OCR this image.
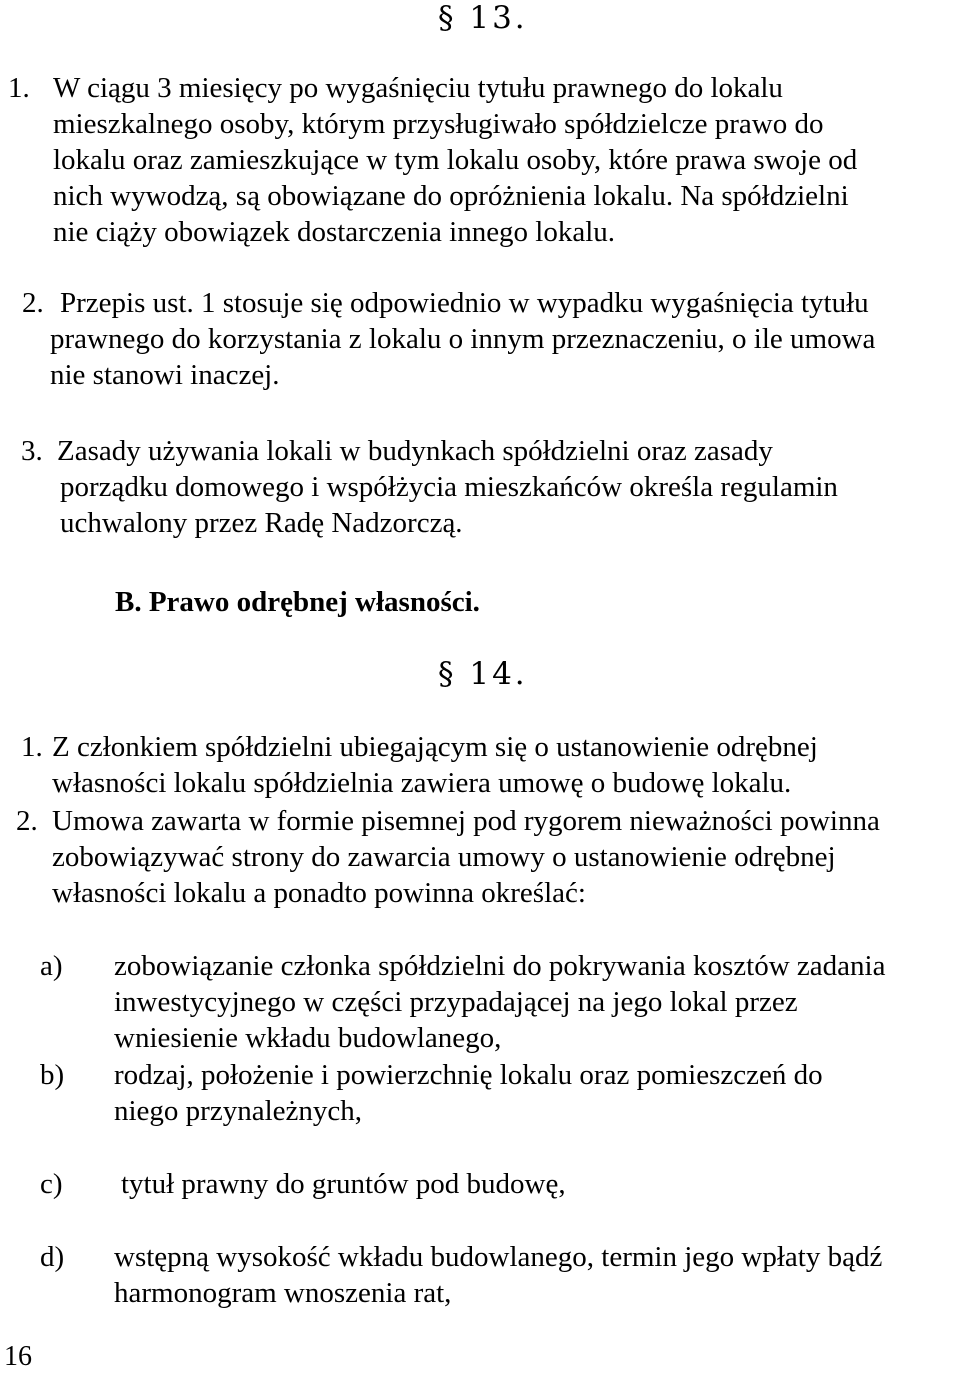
§ 13.
1. W ciągu 3 miesięcy po wygaśnięciu tytułu prawnego do lokalu
mieszkalnego osoby, którym przysługiwało spółdzielcze prawo do
lokalu oraz zamieszkujące w tym lokalu osoby, które prawa swoje od
nich wywodzą, są obowiązane do opróżnienia lokalu. Na spółdzielni
nie ciąży obowiązek dostarczenia innego lokalu.
2. Przepis ust. 1 stosuje się odpowiednio w wypadku wygaśnięcia tytułu
prawnego do korzystania z lokalu o innym przeznaczeniu, o ile umowa
nie stanowi inaczej.
3. Zasady używania lokali w budynkach spółdzielni oraz zasady
porządku domowego i współżycia mieszkańców określa regulamin
uchwalony przez Radę Nadzorczą.
B. Prawo odrębnej własności.
§ 14.
1. Z członkiem spółdzielni ubiegającym się o ustanowienie odrębnej
własności lokalu spółdzielnia zawiera umowę o budowę lokalu.
2. Umowa zawarta w formie pisemnej pod rygorem nieważności powinna
zobowiązywać strony do zawarcia umowy o ustanowienie odrębnej
własności lokalu a ponadto powinna określać:
a) zobowiązanie członka spółdzielni do pokrywania kosztów zadania
inwestycyjnego w części przypadającej na jego lokal przez
wniesienie wkładu budowlanego,
b) rodzaj, położenie i powierzchnię lokalu oraz pomieszczeń do
niego przynależnych,
c) tytuł prawny do gruntów pod budowę,
d) wstępną wysokość wkładu budowlanego, termin jego wpłaty bądź
harmonogram wnoszenia rat,
16
